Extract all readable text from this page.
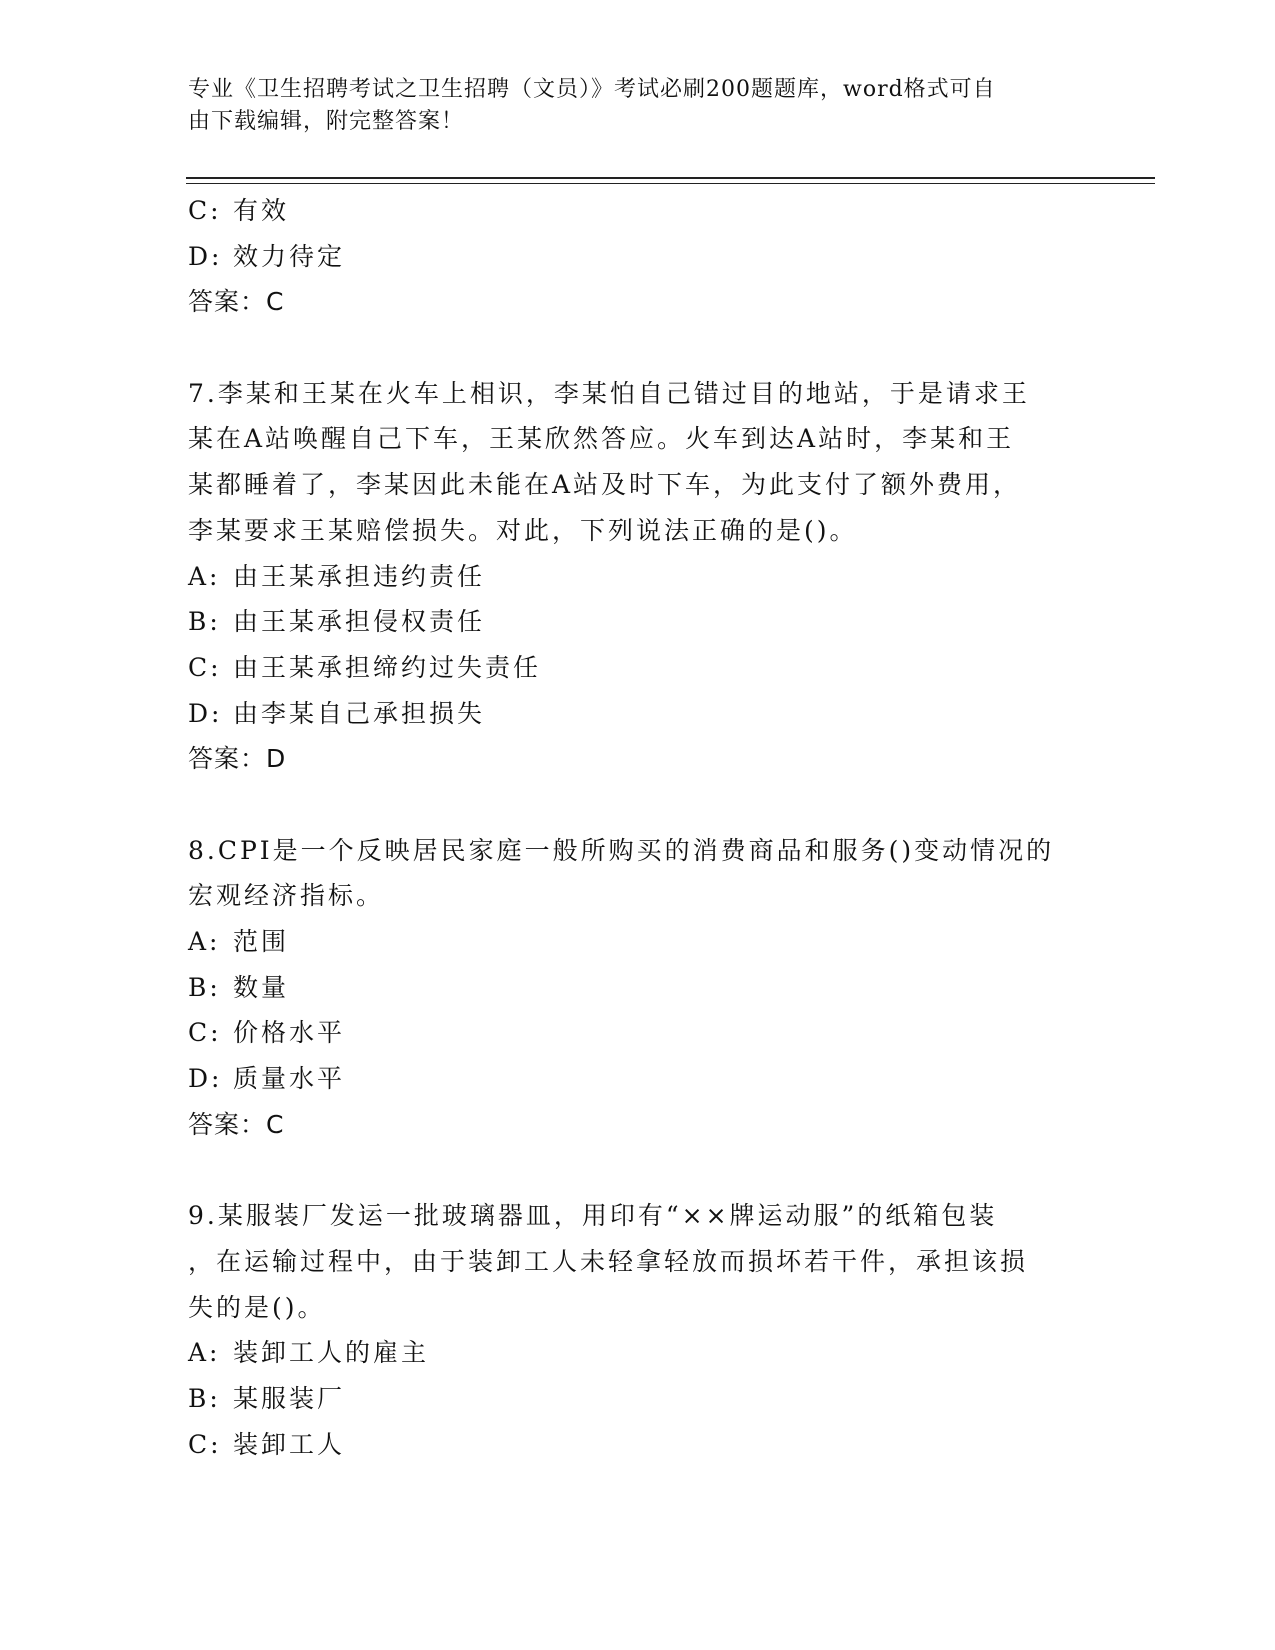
专业《卫生招聘考试之卫生招聘（文员）》考试必刷200题题库，word格式可自
由下载编辑，附完整答案！
C: 有效
D: 效力待定
答案：C
7.李某和王某在火车上相识，李某怕自己错过目的地站，于是请求王
某在A站唤醒自己下车，王某欣然答应。火车到达A站时，李某和王
某都睡着了，李某因此未能在A站及时下车，为此支付了额外费用，
李某要求王某赔偿损失。对此，下列说法正确的是()。
A: 由王某承担违约责任
B: 由王某承担侵权责任
C: 由王某承担缔约过失责任
D: 由李某自己承担损失
答案：D
8.CPI是一个反映居民家庭一般所购买的消费商品和服务()变动情况的
宏观经济指标。
A: 范围
B: 数量
C: 价格水平
D: 质量水平
答案：C
9.某服装厂发运一批玻璃器皿，用印有“××牌运动服”的纸箱包装
，在运输过程中，由于装卸工人未轻拿轻放而损坏若干件，承担该损
失的是()。
A: 装卸工人的雇主
B: 某服装厂
C: 装卸工人
